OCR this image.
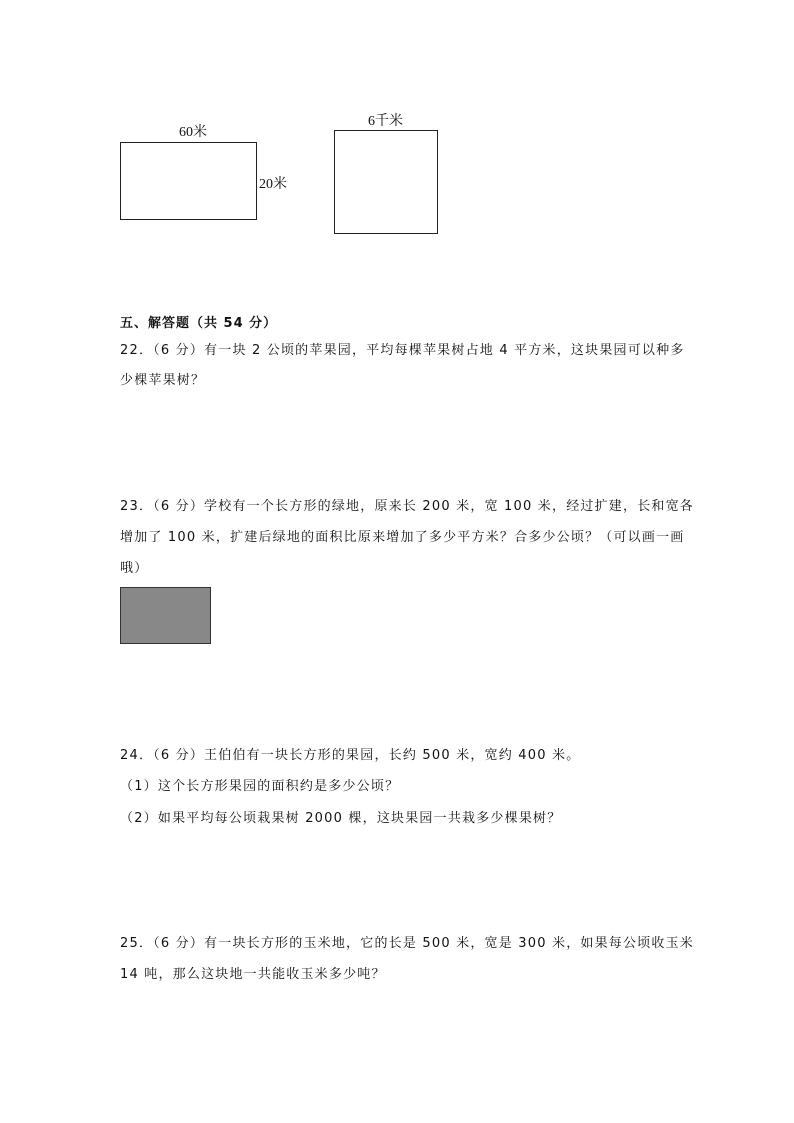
60米
20米
6千米
五、解答题（共 54 分）
22．（6 分）有一块 2 公顷的苹果园，平均每棵苹果树占地 4 平方米，这块果园可以种多
少棵苹果树？
23．（6 分）学校有一个长方形的绿地，原来长 200 米，宽 100 米，经过扩建，长和宽各
增加了 100 米，扩建后绿地的面积比原来增加了多少平方米？合多少公顷？（可以画一画
哦）
24．（6 分）王伯伯有一块长方形的果园，长约 500 米，宽约 400 米。
（1）这个长方形果园的面积约是多少公顷？
（2）如果平均每公顷栽果树 2000 棵，这块果园一共栽多少棵果树？
25．（6 分）有一块长方形的玉米地，它的长是 500 米，宽是 300 米，如果每公顷收玉米
14 吨，那么这块地一共能收玉米多少吨？
